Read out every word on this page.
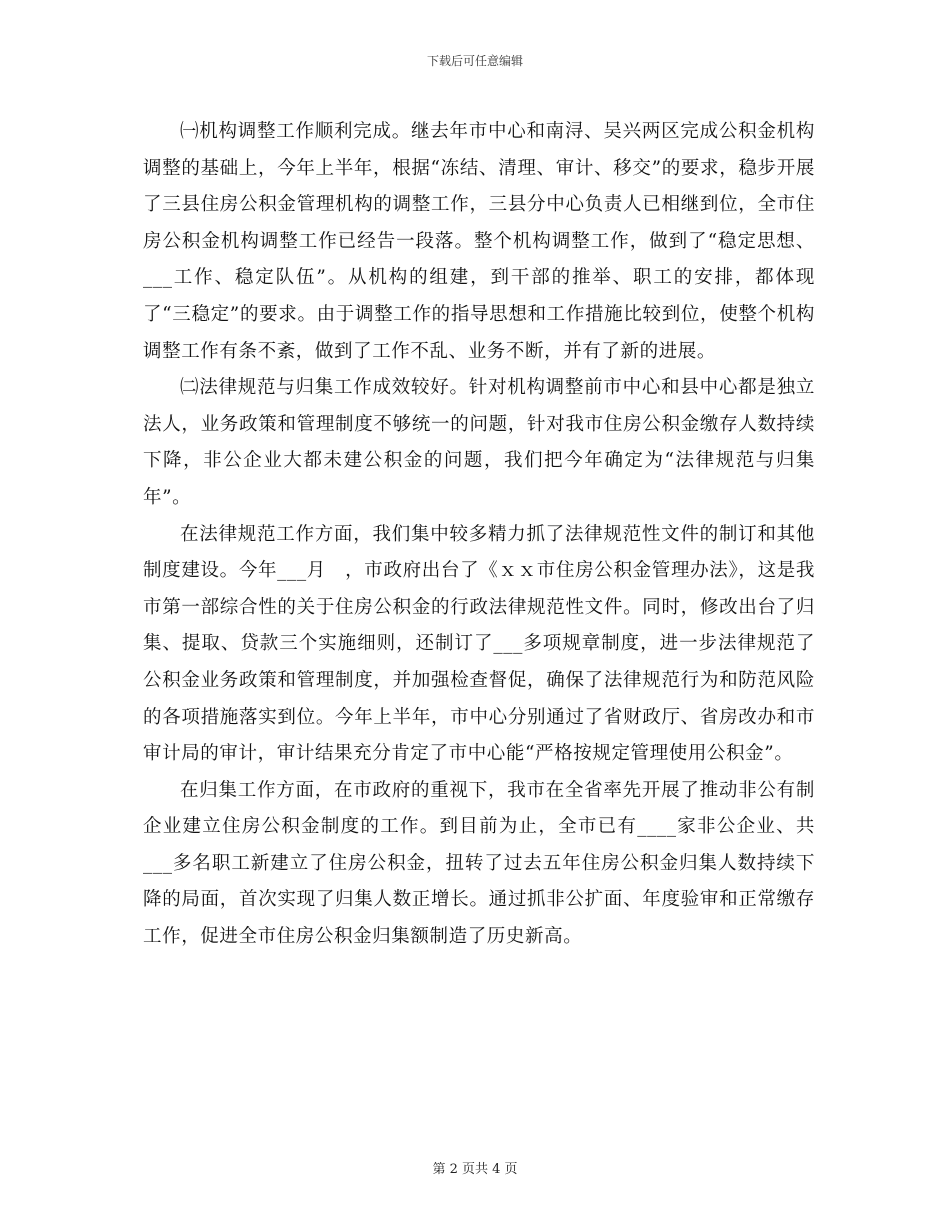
下载后可任意编辑

㈠机构调整工作顺利完成。继去年市中心和南浔、吴兴两区完成公积金机构调整的基础上，今年上半年，根据“冻结、清理、审计、移交”的要求，稳步开展了三县住房公积金管理机构的调整工作，三县分中心负责人已相继到位，全市住房公积金机构调整工作已经告一段落。整个机构调整工作，做到了“稳定思想、___工作、稳定队伍”。从机构的组建，到干部的推举、职工的安排，都体现了“三稳定”的要求。由于调整工作的指导思想和工作措施比较到位，使整个机构调整工作有条不紊，做到了工作不乱、业务不断，并有了新的进展。

㈡法律规范与归集工作成效较好。针对机构调整前市中心和县中心都是独立法人，业务政策和管理制度不够统一的问题，针对我市住房公积金缴存人数持续下降，非公企业大都未建公积金的问题，我们把今年确定为“法律规范与归集年”。

在法律规范工作方面，我们集中较多精力抓了法律规范性文件的制订和其他制度建设。今年___月　，市政府出台了《ｘｘ市住房公积金管理办法》，这是我市第一部综合性的关于住房公积金的行政法律规范性文件。同时，修改出台了归集、提取、贷款三个实施细则，还制订了___多项规章制度，进一步法律规范了公积金业务政策和管理制度，并加强检查督促，确保了法律规范行为和防范风险的各项措施落实到位。今年上半年，市中心分别通过了省财政厅、省房改办和市审计局的审计，审计结果充分肯定了市中心能“严格按规定管理使用公积金”。

在归集工作方面，在市政府的重视下，我市在全省率先开展了推动非公有制企业建立住房公积金制度的工作。到目前为止，全市已有____家非公企业、共___多名职工新建立了住房公积金，扭转了过去五年住房公积金归集人数持续下降的局面，首次实现了归集人数正增长。通过抓非公扩面、年度验审和正常缴存工作，促进全市住房公积金归集额制造了历史新高。

第 2 页共 4 页
